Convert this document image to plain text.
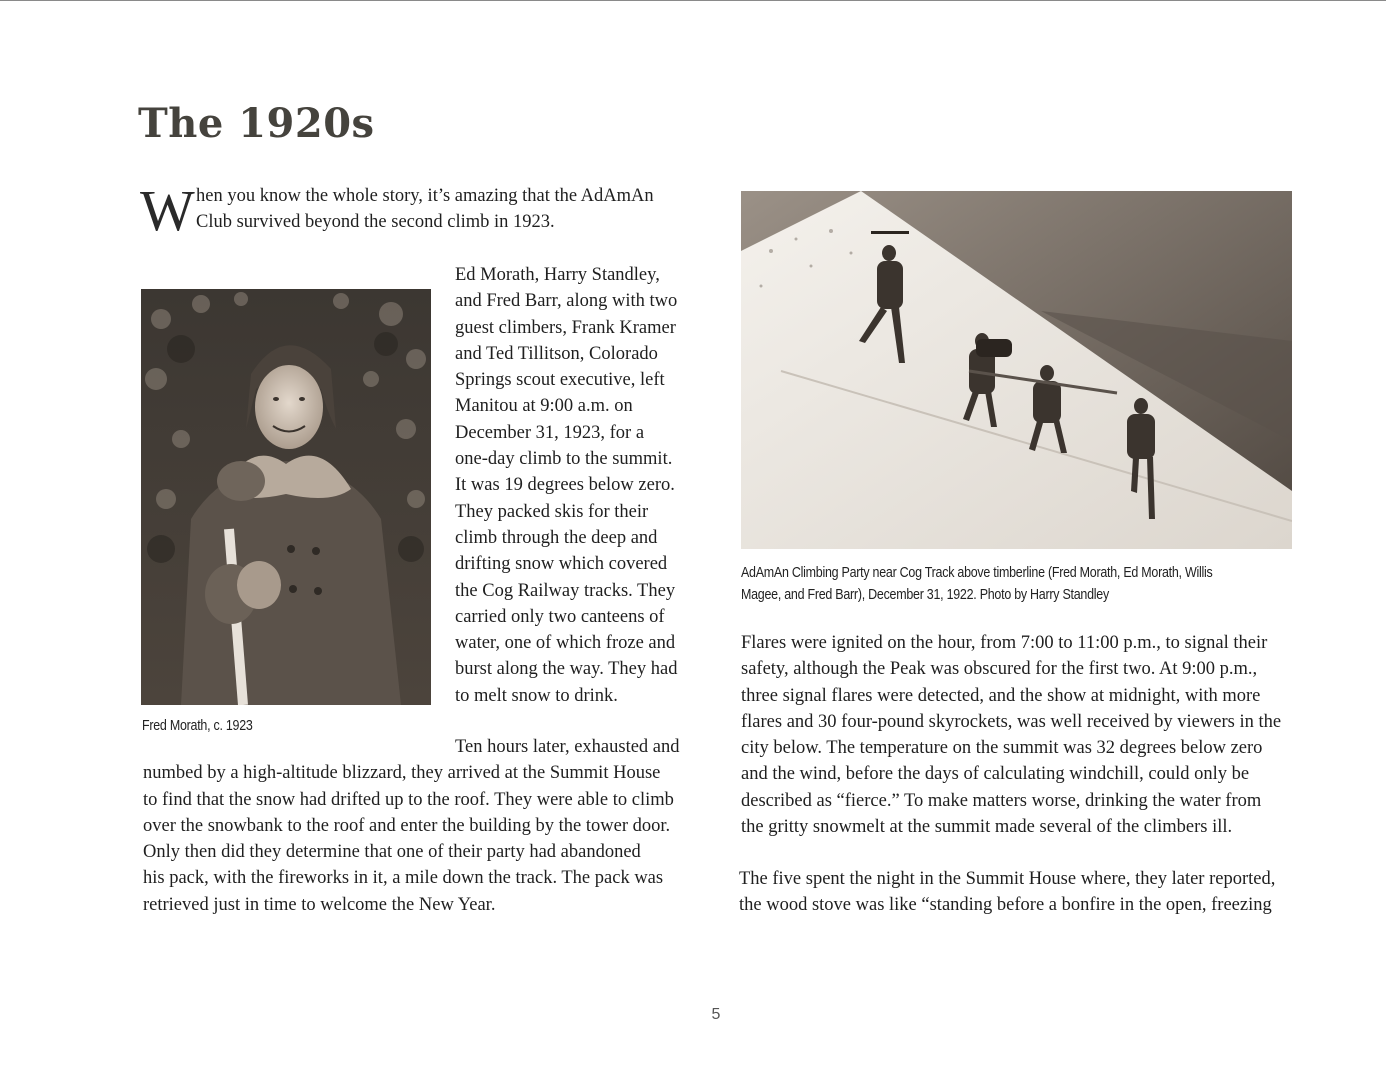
The 1920s
W hen you know the whole story, it’s amazing that the AdAmAn
Club survived beyond the second climb in 1923.
Fred Morath, c. 1923
Ed Morath, Harry Standley,
and Fred Barr, along with two
guest climbers, Frank Kramer
and Ted Tillitson, Colorado
Springs scout executive, left
Manitou at 9:00 a.m. on
December 31, 1923, for a
one-day climb to the summit.
It was 19 degrees below zero.
They packed skis for their
climb through the deep and
drifting snow which covered
the Cog Railway tracks. They
carried only two canteens of
water, one of which froze and
burst along the way. They had
to melt snow to drink.
Ten hours later, exhausted and
numbed by a high-altitude blizzard, they arrived at the Summit House
to find that the snow had drifted up to the roof. They were able to climb
over the snowbank to the roof and enter the building by the tower door.
Only then did they determine that one of their party had abandoned
his pack, with the fireworks in it, a mile down the track. The pack was
retrieved just in time to welcome the New Year.
AdAmAn Climbing Party near Cog Track above timberline (Fred Morath, Ed Morath, Willis
Magee, and Fred Barr), December 31, 1922. Photo by Harry Standley
Flares were ignited on the hour, from 7:00 to 11:00 p.m., to signal their
safety, although the Peak was obscured for the first two. At 9:00 p.m.,
three signal flares were detected, and the show at midnight, with more
flares and 30 four-pound skyrockets, was well received by viewers in the
city below. The temperature on the summit was 32 degrees below zero
and the wind, before the days of calculating windchill, could only be
described as “fierce.” To make matters worse, drinking the water from
the gritty snowmelt at the summit made several of the climbers ill.
The five spent the night in the Summit House where, they later reported,
the wood stove was like “standing before a bonfire in the open, freezing
5
